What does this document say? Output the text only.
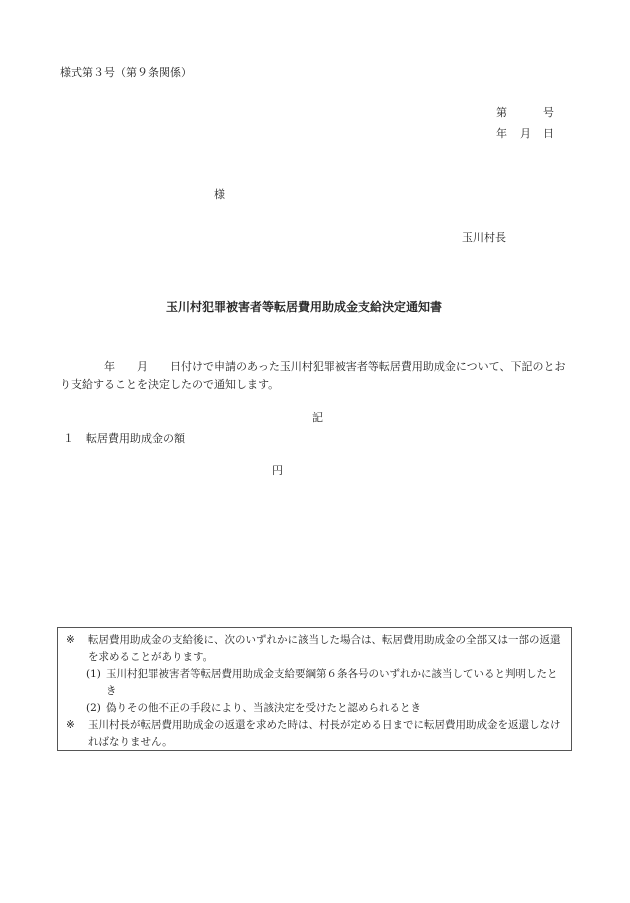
様式第３号（第９条関係）
第	号
年 月 日
様
玉川村長
玉川村犯罪被害者等転居費用助成金支給決定通知書
年 月 日付けで申請のあった玉川村犯罪被害者等転居費用助成金について、下記のとおり支給することを決定したので通知します。
記
１ 転居費用助成金の額
円
※ 転居費用助成金の支給後に、次のいずれかに該当した場合は、転居費用助成金の全部又は一部の返還を求めることがあります。
(1) 玉川村犯罪被害者等転居費用助成金支給要綱第６条各号のいずれかに該当していると判明したとき
(2) 偽りその他不正の手段により、当該決定を受けたと認められるとき
※ 玉川村長が転居費用助成金の返還を求めた時は、村長が定める日までに転居費用助成金を返還しなければなりません。
